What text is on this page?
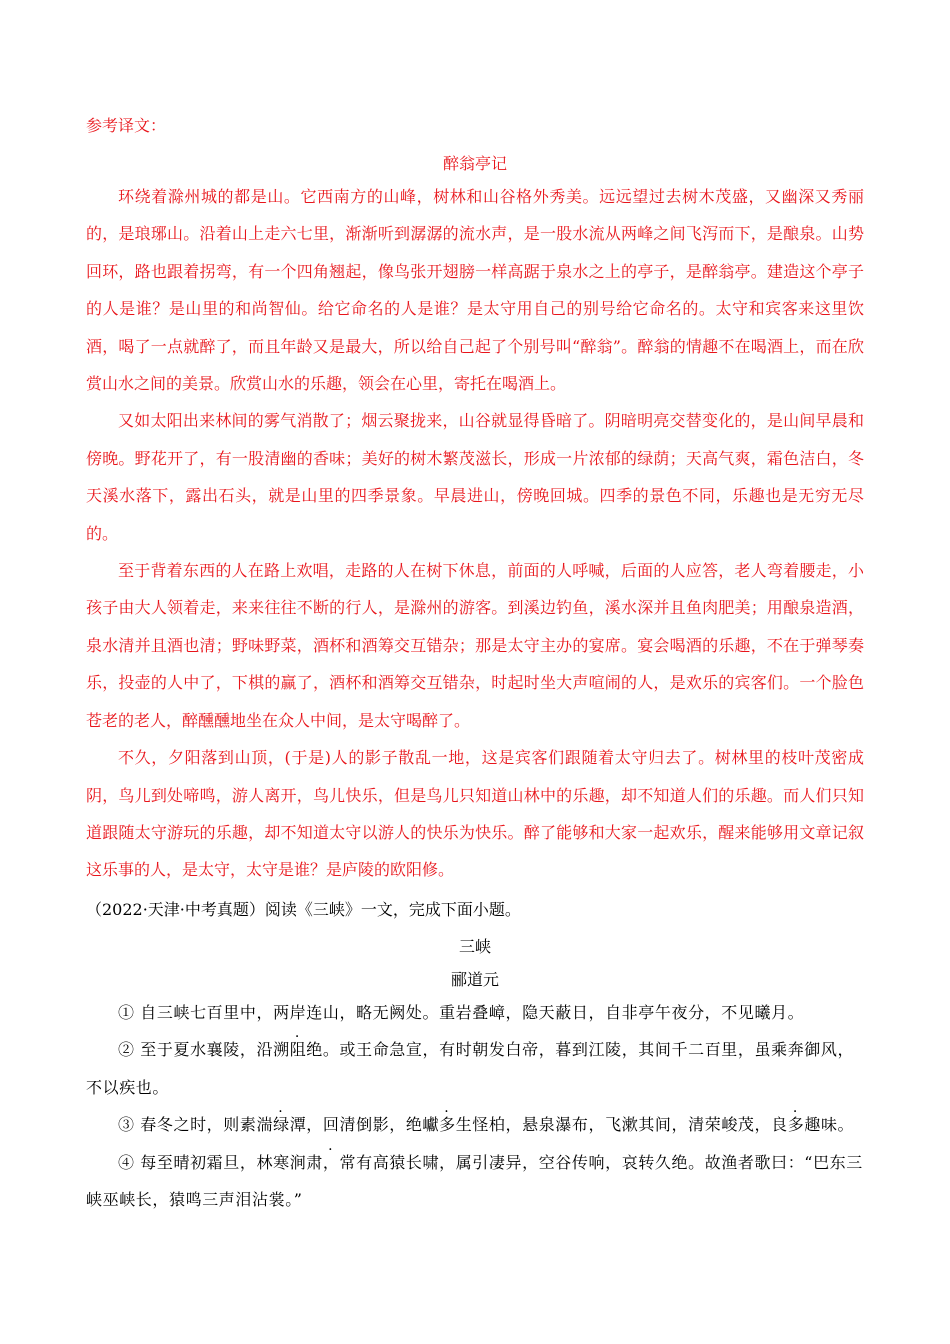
参考译文：
醉翁亭记

环绕着滁州城的都是山。它西南方的山峰，树林和山谷格外秀美。远远望过去树木茂盛，又幽深又秀丽的，是琅琊山。沿着山上走六七里，渐渐听到潺潺的流水声，是一股水流从两峰之间飞泻而下，是酿泉。山势回环，路也跟着拐弯，有一个四角翘起，像鸟张开翅膀一样高踞于泉水之上的亭子，是醉翁亭。建造这个亭子的人是谁？是山里的和尚智仙。给它命名的人是谁？是太守用自己的别号给它命名的。太守和宾客来这里饮酒，喝了一点就醉了，而且年龄又是最大，所以给自己起了个别号叫“醉翁”。醉翁的情趣不在喝酒上，而在欣赏山水之间的美景。欣赏山水的乐趣，领会在心里，寄托在喝酒上。

又如太阳出来林间的雾气消散了；烟云聚拢来，山谷就显得昏暗了。阴暗明亮交替变化的，是山间早晨和傍晚。野花开了，有一股清幽的香味；美好的树木繁茂滋长，形成一片浓郁的绿荫；天高气爽，霜色洁白，冬天溪水落下，露出石头，就是山里的四季景象。早晨进山，傍晚回城。四季的景色不同，乐趣也是无穷无尽的。

至于背着东西的人在路上欢唱，走路的人在树下休息，前面的人呼喊，后面的人应答，老人弯着腰走，小孩子由大人领着走，来来往往不断的行人，是滁州的游客。到溪边钓鱼，溪水深并且鱼肉肥美；用酿泉造酒，泉水清并且酒也清；野味野菜，酒杯和酒筹交互错杂；那是太守主办的宴席。宴会喝酒的乐趣，不在于弹琴奏乐，投壶的人中了，下棋的赢了，酒杯和酒筹交互错杂，时起时坐大声喧闹的人，是欢乐的宾客们。一个脸色苍老的老人，醉醺醺地坐在众人中间，是太守喝醉了。

不久，夕阳落到山顶，(于是)人的影子散乱一地，这是宾客们跟随着太守归去了。树林里的枝叶茂密成阴，鸟儿到处啼鸣，游人离开，鸟儿快乐，但是鸟儿只知道山林中的乐趣，却不知道人们的乐趣。而人们只知道跟随太守游玩的乐趣，却不知道太守以游人的快乐为快乐。醉了能够和大家一起欢乐，醒来能够用文章记叙这乐事的人，是太守，太守是谁？是庐陵的欧阳修。

（2022·天津·中考真题）阅读《三峡》一文，完成下面小题。
三峡
郦道元

① 自三峡七百里中，两岸连山，略无阙处。重岩叠嶂，隐天蔽日，自非亭午夜分，不见曦月。

② 至于夏水襄陵，沿溯阻绝。或王命急宣，有时朝发白帝，暮到江陵，其间千二百里，虽乘奔御风，不以疾也。

③ 春冬之时，则素湍绿潭，回清倒影，绝巘多生怪柏，悬泉瀑布，飞漱其间，清荣峻茂，良多趣味。

④ 每至晴初霜旦，林寒涧肃，常有高猿长啸，属引凄异，空谷传响，哀转久绝。故渔者歌曰：“巴东三峡巫峡长，猿鸣三声泪沾裳。”
